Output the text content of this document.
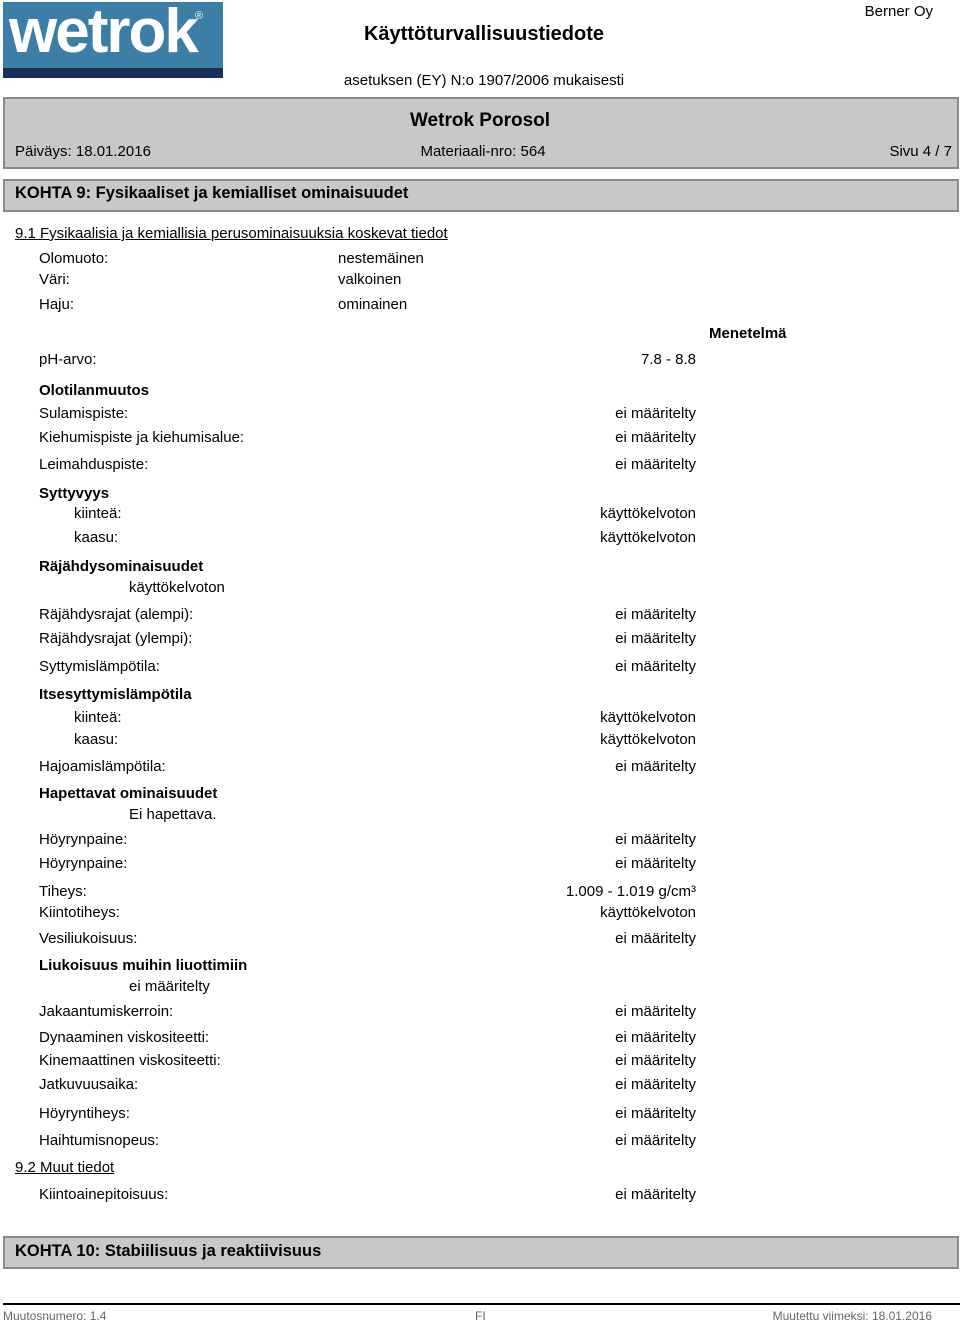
wetrok
®
Käyttöturvallisuustiedote
Berner Oy
asetuksen (EY) N:o 1907/2006 mukaisesti
Wetrok Porosol
Päiväys: 18.01.2016	Materiaali-nro: 564	Sivu 4 / 7
KOHTA 9: Fysikaaliset ja kemialliset ominaisuudet
9.1 Fysikaalisia ja kemiallisia perusominaisuuksia koskevat tiedot
Olomuoto:	nestemäinen
Väri:	valkoinen
Haju:	ominainen
Menetelmä
pH-arvo:	7.8 - 8.8
Olotilanmuutos
Sulamispiste:	ei määritelty
Kiehumispiste ja kiehumisalue:	ei määritelty
Leimahduspiste:	ei määritelty
Syttyvyys
kiinteä:	käyttökelvoton
kaasu:	käyttökelvoton
Räjähdysominaisuudet
käyttökelvoton
Räjähdysrajat (alempi):	ei määritelty
Räjähdysrajat (ylempi):	ei määritelty
Syttymislämpötila:	ei määritelty
Itsesyttymislämpötila
kiinteä:	käyttökelvoton
kaasu:	käyttökelvoton
Hajoamislämpötila:	ei määritelty
Hapettavat ominaisuudet
Ei hapettava.
Höyrynpaine:	ei määritelty
Höyrynpaine:	ei määritelty
Tiheys:	1.009 - 1.019 g/cm³
Kiintotiheys:	käyttökelvoton
Vesiliukoisuus:	ei määritelty
Liukoisuus muihin liuottimiin
ei määritelty
Jakaantumiskerroin:	ei määritelty
Dynaaminen viskositeetti:	ei määritelty
Kinemaattinen viskositeetti:	ei määritelty
Jatkuvuusaika:	ei määritelty
Höyryntiheys:	ei määritelty
Haihtumisnopeus:	ei määritelty
9.2 Muut tiedot
Kiintoainepitoisuus:	ei määritelty
KOHTA 10: Stabiilisuus ja reaktiivisuus
Muutosnumero: 1.4	FI	Muutettu viimeksi: 18.01.2016
